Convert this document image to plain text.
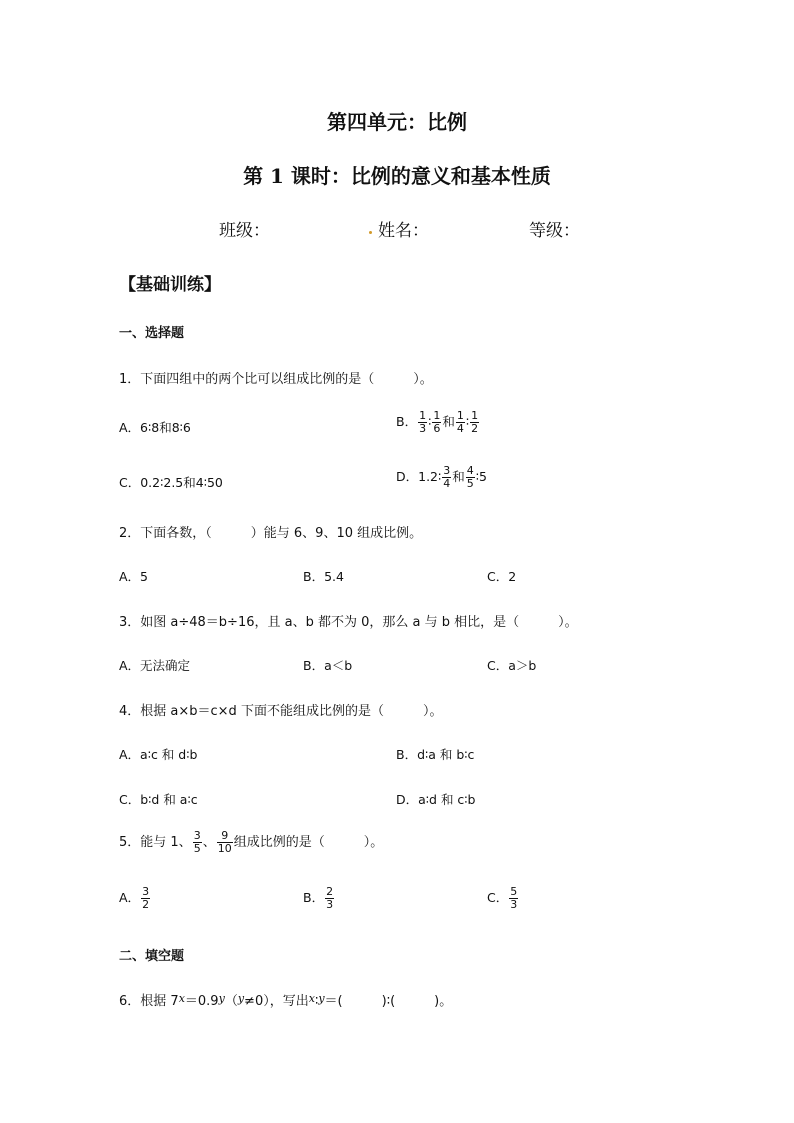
第四单元：比例
第 1 课时：比例的意义和基本性质
班级：	姓名：	等级：
【基础训练】
一、选择题
1．下面四组中的两个比可以组成比例的是（　　　）。
A．6∶8和8∶6	B． $\frac{1}{3}$ ∶ $\frac{1}{6}$ 和 $\frac{1}{4}$ ∶ $\frac{1}{2}$
C．0.2∶2.5和4∶50	D．1.2∶ $\frac{3}{4}$ 和 $\frac{4}{5}$ ∶5
2．下面各数，（　　　）能与 6、9、10 组成比例。
A．5	B．5.4	C．2
3．如图 a÷48＝b÷16，且 a、b 都不为 0，那么 a 与 b 相比，是（　　　）。
A．无法确定	B．a＜b	C．a＞b
4．根据 a×b＝c×d 下面不能组成比例的是（　　　）。
A．a∶c 和 d∶b	B．d∶a 和 b∶c
C．b∶d 和 a∶c	D．a∶d 和 c∶b
5．能与 1、 $\frac{3}{5}$ 、 $\frac{9}{10}$ 组成比例的是（　　　）。
A． $\frac{3}{2}$	B． $\frac{2}{3}$	C． $\frac{5}{3}$
二、填空题
6．根据 $7^x=0.9^y(^y\ne 0)$，写出$^x$∶$^y$＝(　　　)∶(　　　)。
